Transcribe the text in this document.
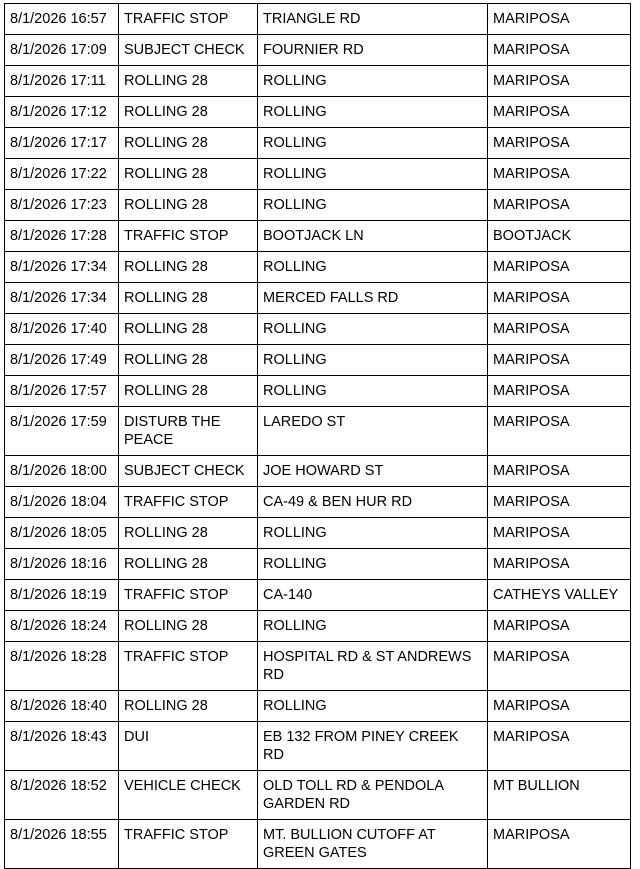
8/1/2026 16:57	TRAFFIC STOP	TRIANGLE RD	MARIPOSA
8/1/2026 17:09	SUBJECT CHECK	FOURNIER RD	MARIPOSA
8/1/2026 17:11	ROLLING 28	ROLLING	MARIPOSA
8/1/2026 17:12	ROLLING 28	ROLLING	MARIPOSA
8/1/2026 17:17	ROLLING 28	ROLLING	MARIPOSA
8/1/2026 17:22	ROLLING 28	ROLLING	MARIPOSA
8/1/2026 17:23	ROLLING 28	ROLLING	MARIPOSA
8/1/2026 17:28	TRAFFIC STOP	BOOTJACK LN	BOOTJACK
8/1/2026 17:34	ROLLING 28	ROLLING	MARIPOSA
8/1/2026 17:34	ROLLING 28	MERCED FALLS RD	MARIPOSA
8/1/2026 17:40	ROLLING 28	ROLLING	MARIPOSA
8/1/2026 17:49	ROLLING 28	ROLLING	MARIPOSA
8/1/2026 17:57	ROLLING 28	ROLLING	MARIPOSA
8/1/2026 17:59	DISTURB THE PEACE	LAREDO ST	MARIPOSA
8/1/2026 18:00	SUBJECT CHECK	JOE HOWARD ST	MARIPOSA
8/1/2026 18:04	TRAFFIC STOP	CA-49 & BEN HUR RD	MARIPOSA
8/1/2026 18:05	ROLLING 28	ROLLING	MARIPOSA
8/1/2026 18:16	ROLLING 28	ROLLING	MARIPOSA
8/1/2026 18:19	TRAFFIC STOP	CA-140	CATHEYS VALLEY
8/1/2026 18:24	ROLLING 28	ROLLING	MARIPOSA
8/1/2026 18:28	TRAFFIC STOP	HOSPITAL RD & ST ANDREWS RD	MARIPOSA
8/1/2026 18:40	ROLLING 28	ROLLING	MARIPOSA
8/1/2026 18:43	DUI	EB 132 FROM PINEY CREEK RD	MARIPOSA
8/1/2026 18:52	VEHICLE CHECK	OLD TOLL RD & PENDOLA GARDEN RD	MT BULLION
8/1/2026 18:55	TRAFFIC STOP	MT. BULLION CUTOFF AT GREEN GATES	MARIPOSA
